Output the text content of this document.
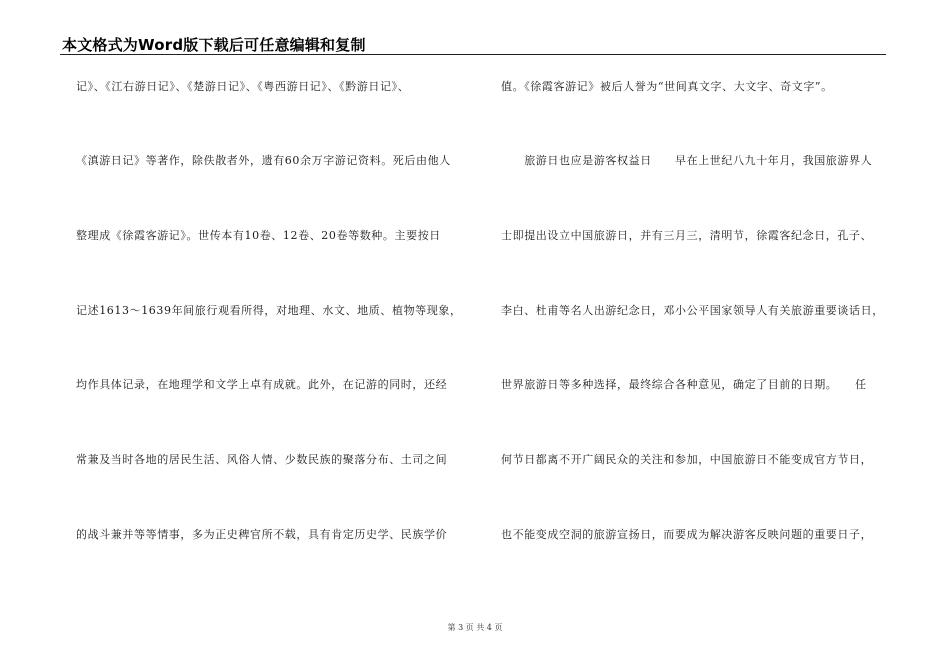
本文格式为Word版下载后可任意编辑和复制
记》、《江右游日记》、《楚游日记》、《粤西游日记》、《黔游日记》、
《滇游日记》等著作，除佚散者外，遗有60余万字游记资料。死后由他人
整理成《徐霞客游记》。世传本有10卷、12卷、20卷等数种。主要按日
记述1613～1639年间旅行观看所得，对地理、水文、地质、植物等现象，
均作具体记录，在地理学和文学上卓有成就。此外，在记游的同时，还经
常兼及当时各地的居民生活、风俗人情、少数民族的聚落分布、土司之间
的战斗兼并等等情事，多为正史稗官所不载，具有肯定历史学、民族学价
值。《徐霞客游记》被后人誉为“世间真文字、大文字、奇文字”。
　　旅游日也应是游客权益日　　早在上世纪八九十年月，我国旅游界人
士即提出设立中国旅游日，并有三月三，清明节，徐霞客纪念日，孔子、
李白、杜甫等名人出游纪念日，邓小公平国家领导人有关旅游重要谈话日，
世界旅游日等多种选择，最终综合各种意见，确定了目前的日期。　　任
何节日都离不开广阔民众的关注和参加，中国旅游日不能变成官方节日，
也不能变成空洞的旅游宣扬日，而要成为解决游客反映问题的重要日子，
第 3 页 共 4 页
